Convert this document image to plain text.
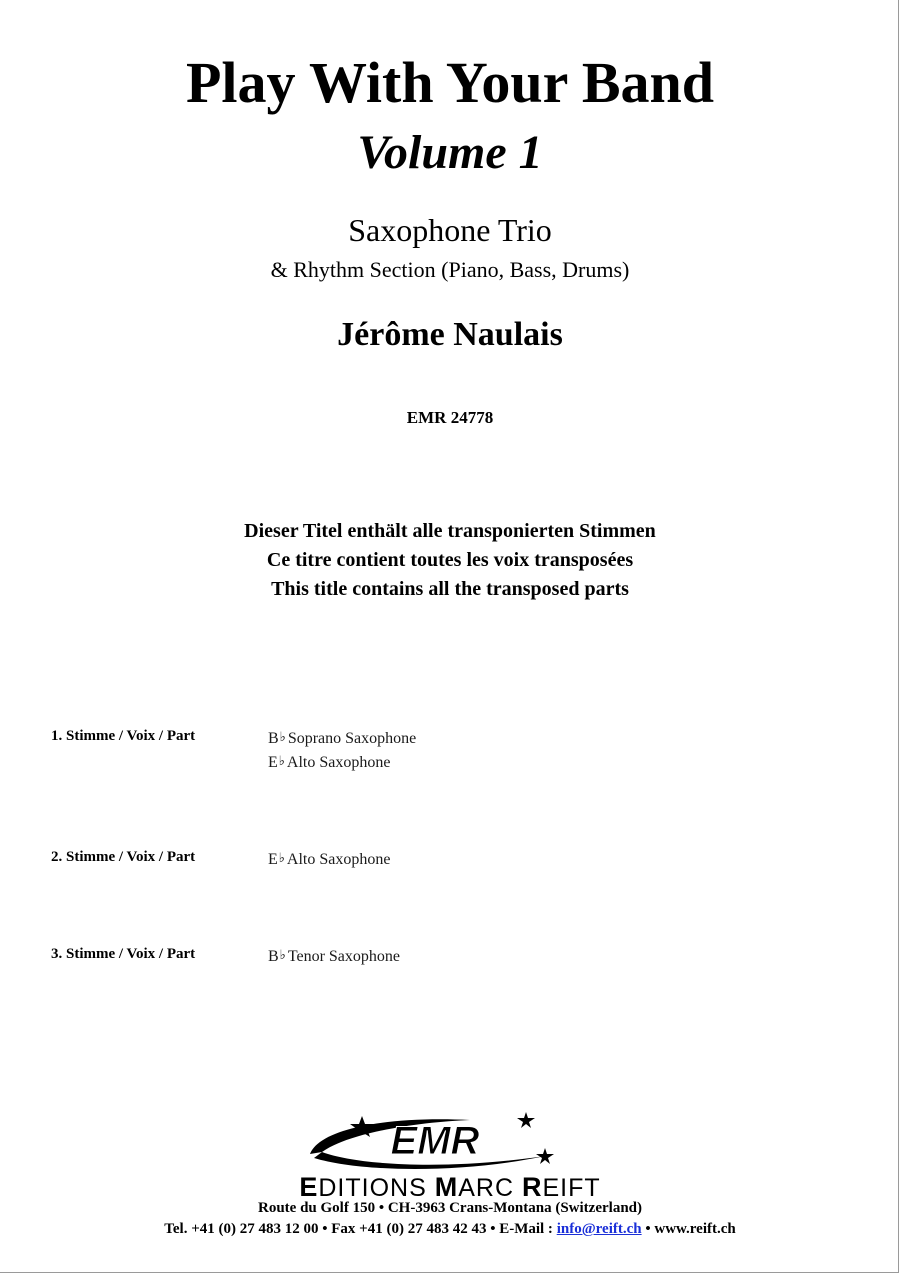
Play With Your Band
Volume 1
Saxophone Trio
& Rhythm Section (Piano, Bass, Drums)
Jérôme Naulais
EMR 24778
Dieser Titel enthält alle transponierten Stimmen
Ce titre contient toutes les voix transposées
This title contains all the transposed parts
1. Stimme / Voix / Part	B♭ Soprano Saxophone
E♭ Alto Saxophone
2. Stimme / Voix / Part	E♭ Alto Saxophone
3. Stimme / Voix / Part	B♭ Tenor Saxophone
EMR
EDITIONS MARC REIFT
Route du Golf 150 • CH-3963 Crans-Montana (Switzerland)
Tel. +41 (0) 27 483 12 00 • Fax +41 (0) 27 483 42 43 • E-Mail : info@reift.ch • www.reift.ch
